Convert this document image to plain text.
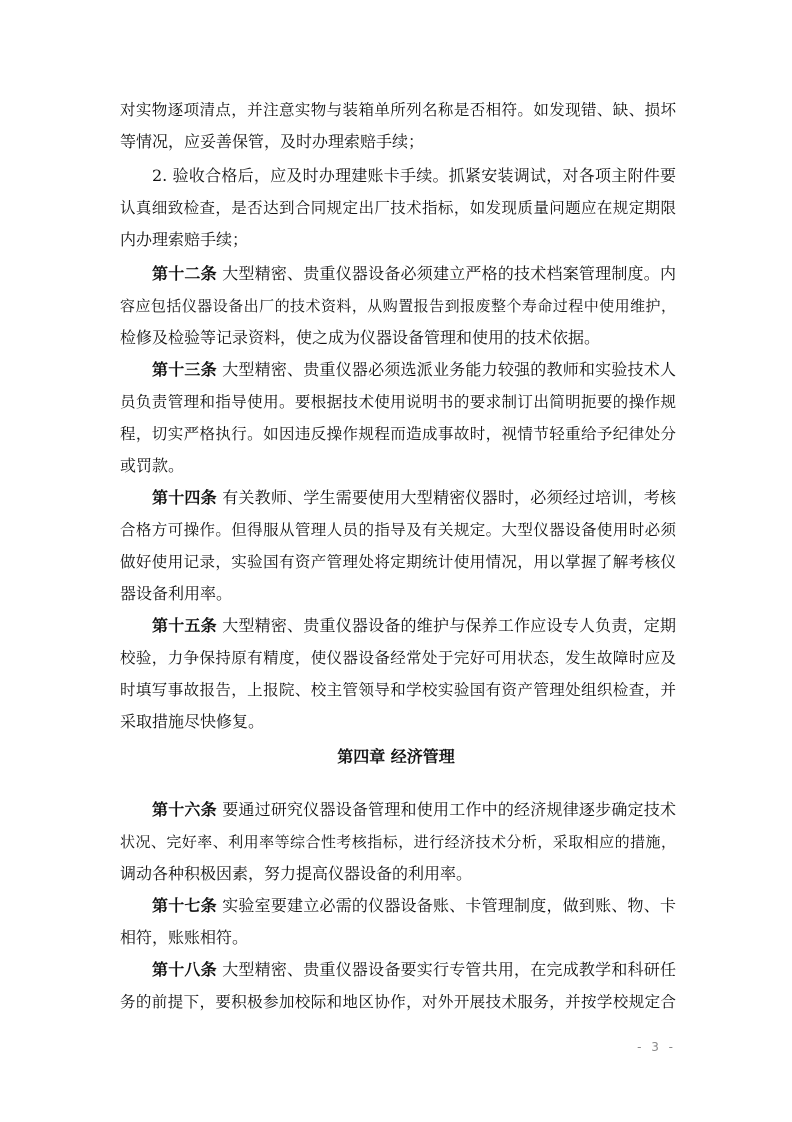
对实物逐项清点，并注意实物与装箱单所列名称是否相符。如发现错、缺、损坏
等情况，应妥善保管，及时办理索赔手续；
2. 验收合格后，应及时办理建账卡手续。抓紧安装调试，对各项主附件要
认真细致检查，是否达到合同规定出厂技术指标，如发现质量问题应在规定期限
内办理索赔手续；
第十二条 大型精密、贵重仪器设备必须建立严格的技术档案管理制度。内
容应包括仪器设备出厂的技术资料，从购置报告到报废整个寿命过程中使用维护，
检修及检验等记录资料，使之成为仪器设备管理和使用的技术依据。
第十三条 大型精密、贵重仪器必须选派业务能力较强的教师和实验技术人
员负责管理和指导使用。要根据技术使用说明书的要求制订出简明扼要的操作规
程，切实严格执行。如因违反操作规程而造成事故时，视情节轻重给予纪律处分
或罚款。
第十四条 有关教师、学生需要使用大型精密仪器时，必须经过培训，考核
合格方可操作。但得服从管理人员的指导及有关规定。大型仪器设备使用时必须
做好使用记录，实验国有资产管理处将定期统计使用情况，用以掌握了解考核仪
器设备利用率。
第十五条 大型精密、贵重仪器设备的维护与保养工作应设专人负责，定期
校验，力争保持原有精度，使仪器设备经常处于完好可用状态，发生故障时应及
时填写事故报告，上报院、校主管领导和学校实验国有资产管理处组织检查，并
采取措施尽快修复。
第四章 经济管理
第十六条 要通过研究仪器设备管理和使用工作中的经济规律逐步确定技术
状况、完好率、利用率等综合性考核指标，进行经济技术分析，采取相应的措施，
调动各种积极因素，努力提高仪器设备的利用率。
第十七条 实验室要建立必需的仪器设备账、卡管理制度，做到账、物、卡
相符，账账相符。
第十八条 大型精密、贵重仪器设备要实行专管共用，在完成教学和科研任
务的前提下，要积极参加校际和地区协作，对外开展技术服务，并按学校规定合
- 3 -
